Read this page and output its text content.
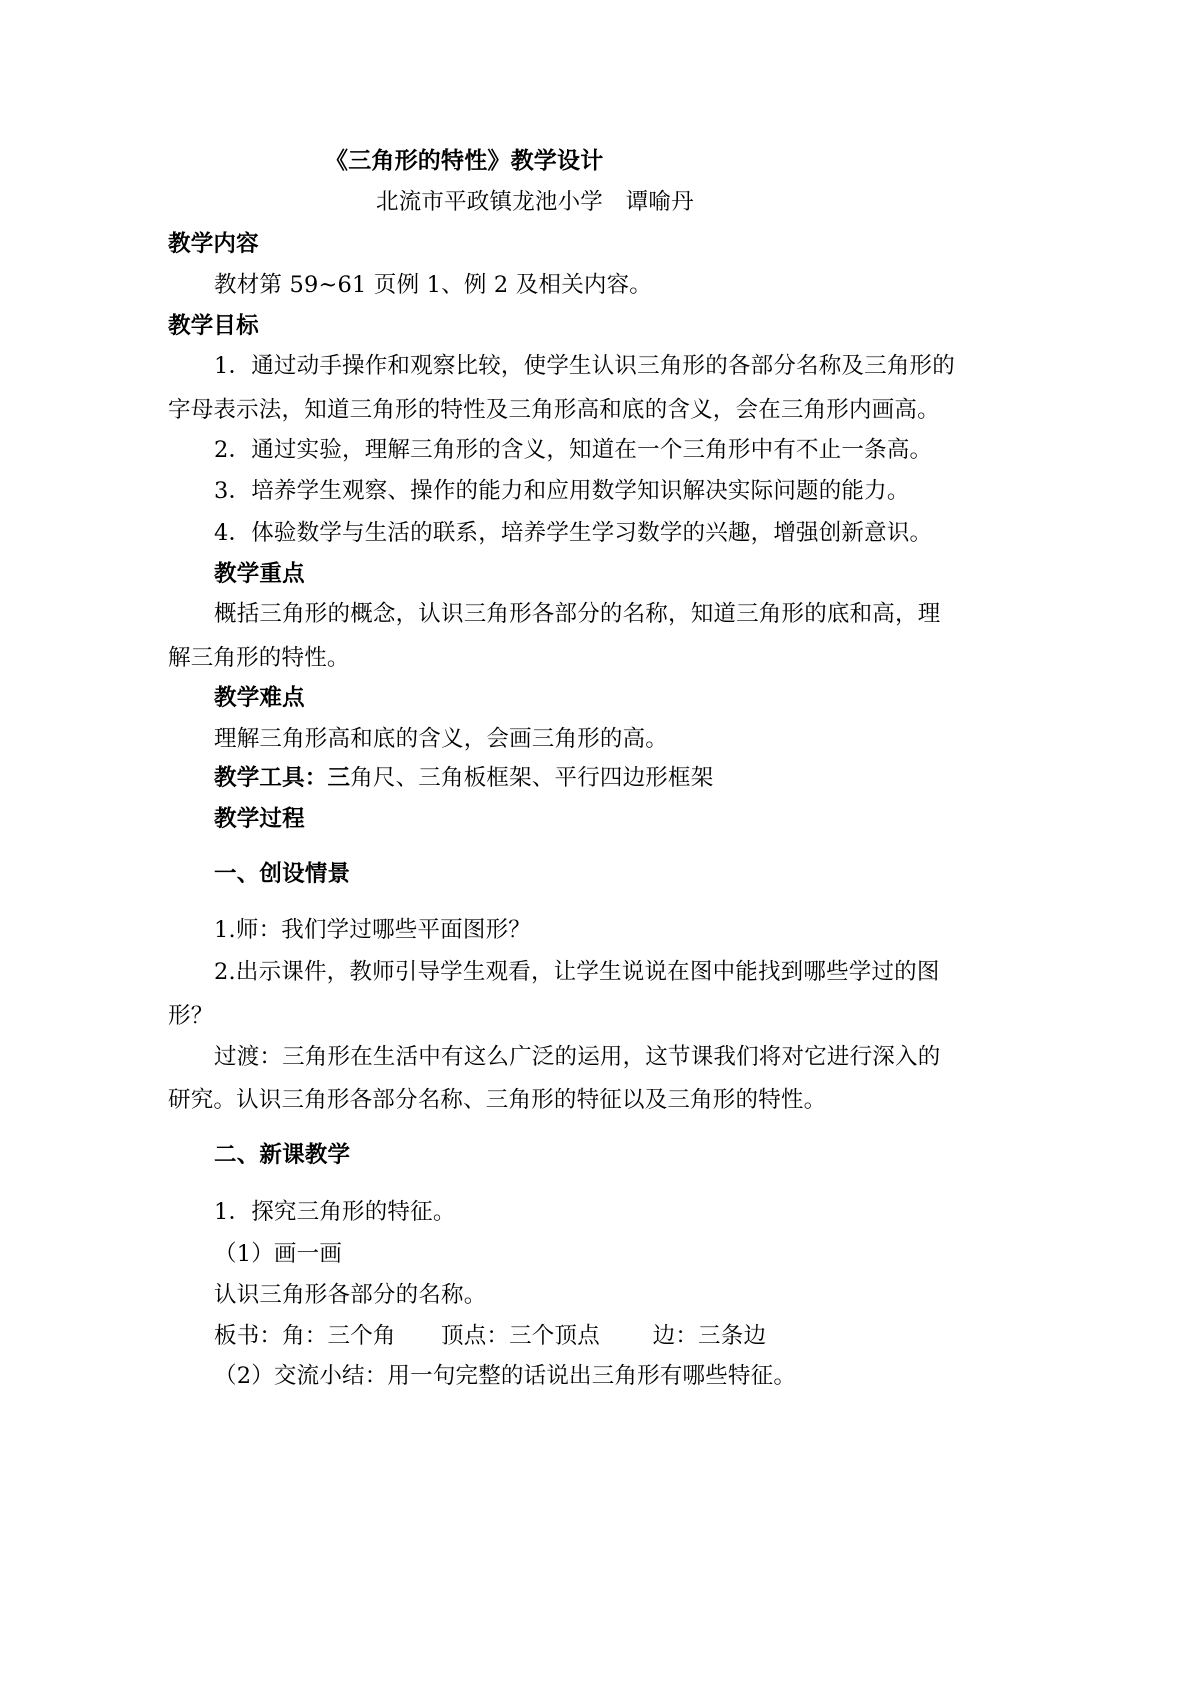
《三角形的特性》教学设计
北流市平政镇龙池小学　谭喻丹
教学内容
教材第 59~61 页例 1、例 2 及相关内容。
教学目标
1．通过动手操作和观察比较，使学生认识三角形的各部分名称及三角形的
字母表示法，知道三角形的特性及三角形高和底的含义，会在三角形内画高。
2．通过实验，理解三角形的含义，知道在一个三角形中有不止一条高。
3．培养学生观察、操作的能力和应用数学知识解决实际问题的能力。
4．体验数学与生活的联系，培养学生学习数学的兴趣，增强创新意识。
教学重点
概括三角形的概念，认识三角形各部分的名称，知道三角形的底和高，理
解三角形的特性。
教学难点
理解三角形高和底的含义，会画三角形的高。
教学工具：三角尺、三角板框架、平行四边形框架
教学过程
一、创设情景
1.师：我们学过哪些平面图形？
2.出示课件，教师引导学生观看，让学生说说在图中能找到哪些学过的图
形？
过渡：三角形在生活中有这么广泛的运用，这节课我们将对它进行深入的
研究。认识三角形各部分名称、三角形的特征以及三角形的特性。
二、新课教学
1．探究三角形的特征。
（1）画一画
认识三角形各部分的名称。
板书：角：三个角　　顶点：三个顶点　　 边：三条边
（2）交流小结：用一句完整的话说出三角形有哪些特征。
